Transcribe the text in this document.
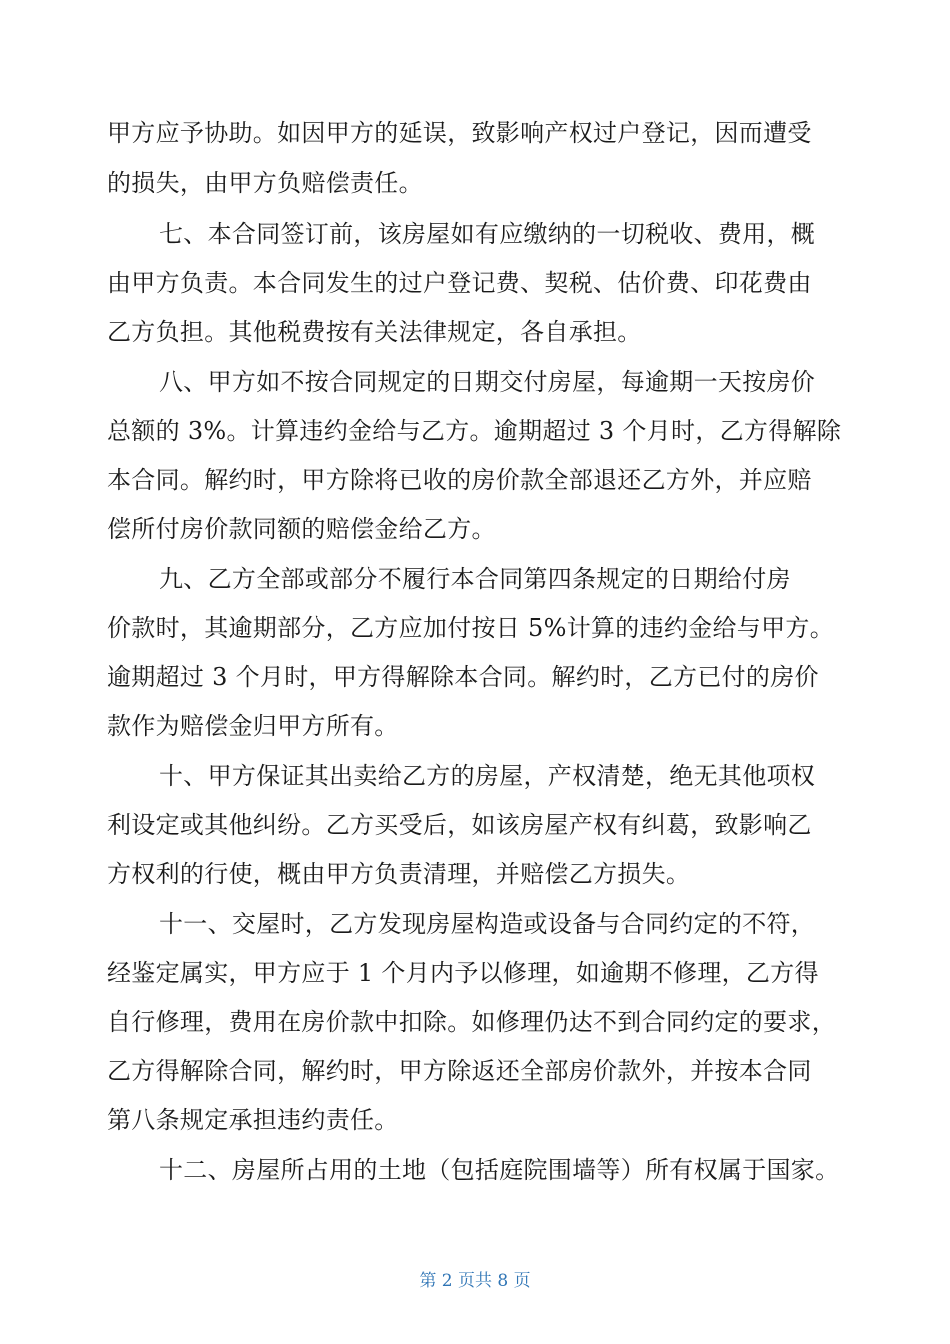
甲方应予协助。如因甲方的延误，致影响产权过户登记，因而遭受
的损失，由甲方负赔偿责任。
七、本合同签订前，该房屋如有应缴纳的一切税收、费用，概
由甲方负责。本合同发生的过户登记费、契税、估价费、印花费由
乙方负担。其他税费按有关法律规定，各自承担。
八、甲方如不按合同规定的日期交付房屋，每逾期一天按房价
总额的 3%。计算违约金给与乙方。逾期超过 3 个月时，乙方得解除
本合同。解约时，甲方除将已收的房价款全部退还乙方外，并应赔
偿所付房价款同额的赔偿金给乙方。
九、乙方全部或部分不履行本合同第四条规定的日期给付房
价款时，其逾期部分，乙方应加付按日 5%计算的违约金给与甲方。
逾期超过 3 个月时，甲方得解除本合同。解约时，乙方已付的房价
款作为赔偿金归甲方所有。
十、甲方保证其出卖给乙方的房屋，产权清楚，绝无其他项权
利设定或其他纠纷。乙方买受后，如该房屋产权有纠葛，致影响乙
方权利的行使，概由甲方负责清理，并赔偿乙方损失。
十一、交屋时，乙方发现房屋构造或设备与合同约定的不符，
经鉴定属实，甲方应于 1 个月内予以修理，如逾期不修理，乙方得
自行修理，费用在房价款中扣除。如修理仍达不到合同约定的要求，
乙方得解除合同，解约时，甲方除返还全部房价款外，并按本合同
第八条规定承担违约责任。
十二、房屋所占用的土地（包括庭院围墙等）所有权属于国家。
第 2 页共 8 页
